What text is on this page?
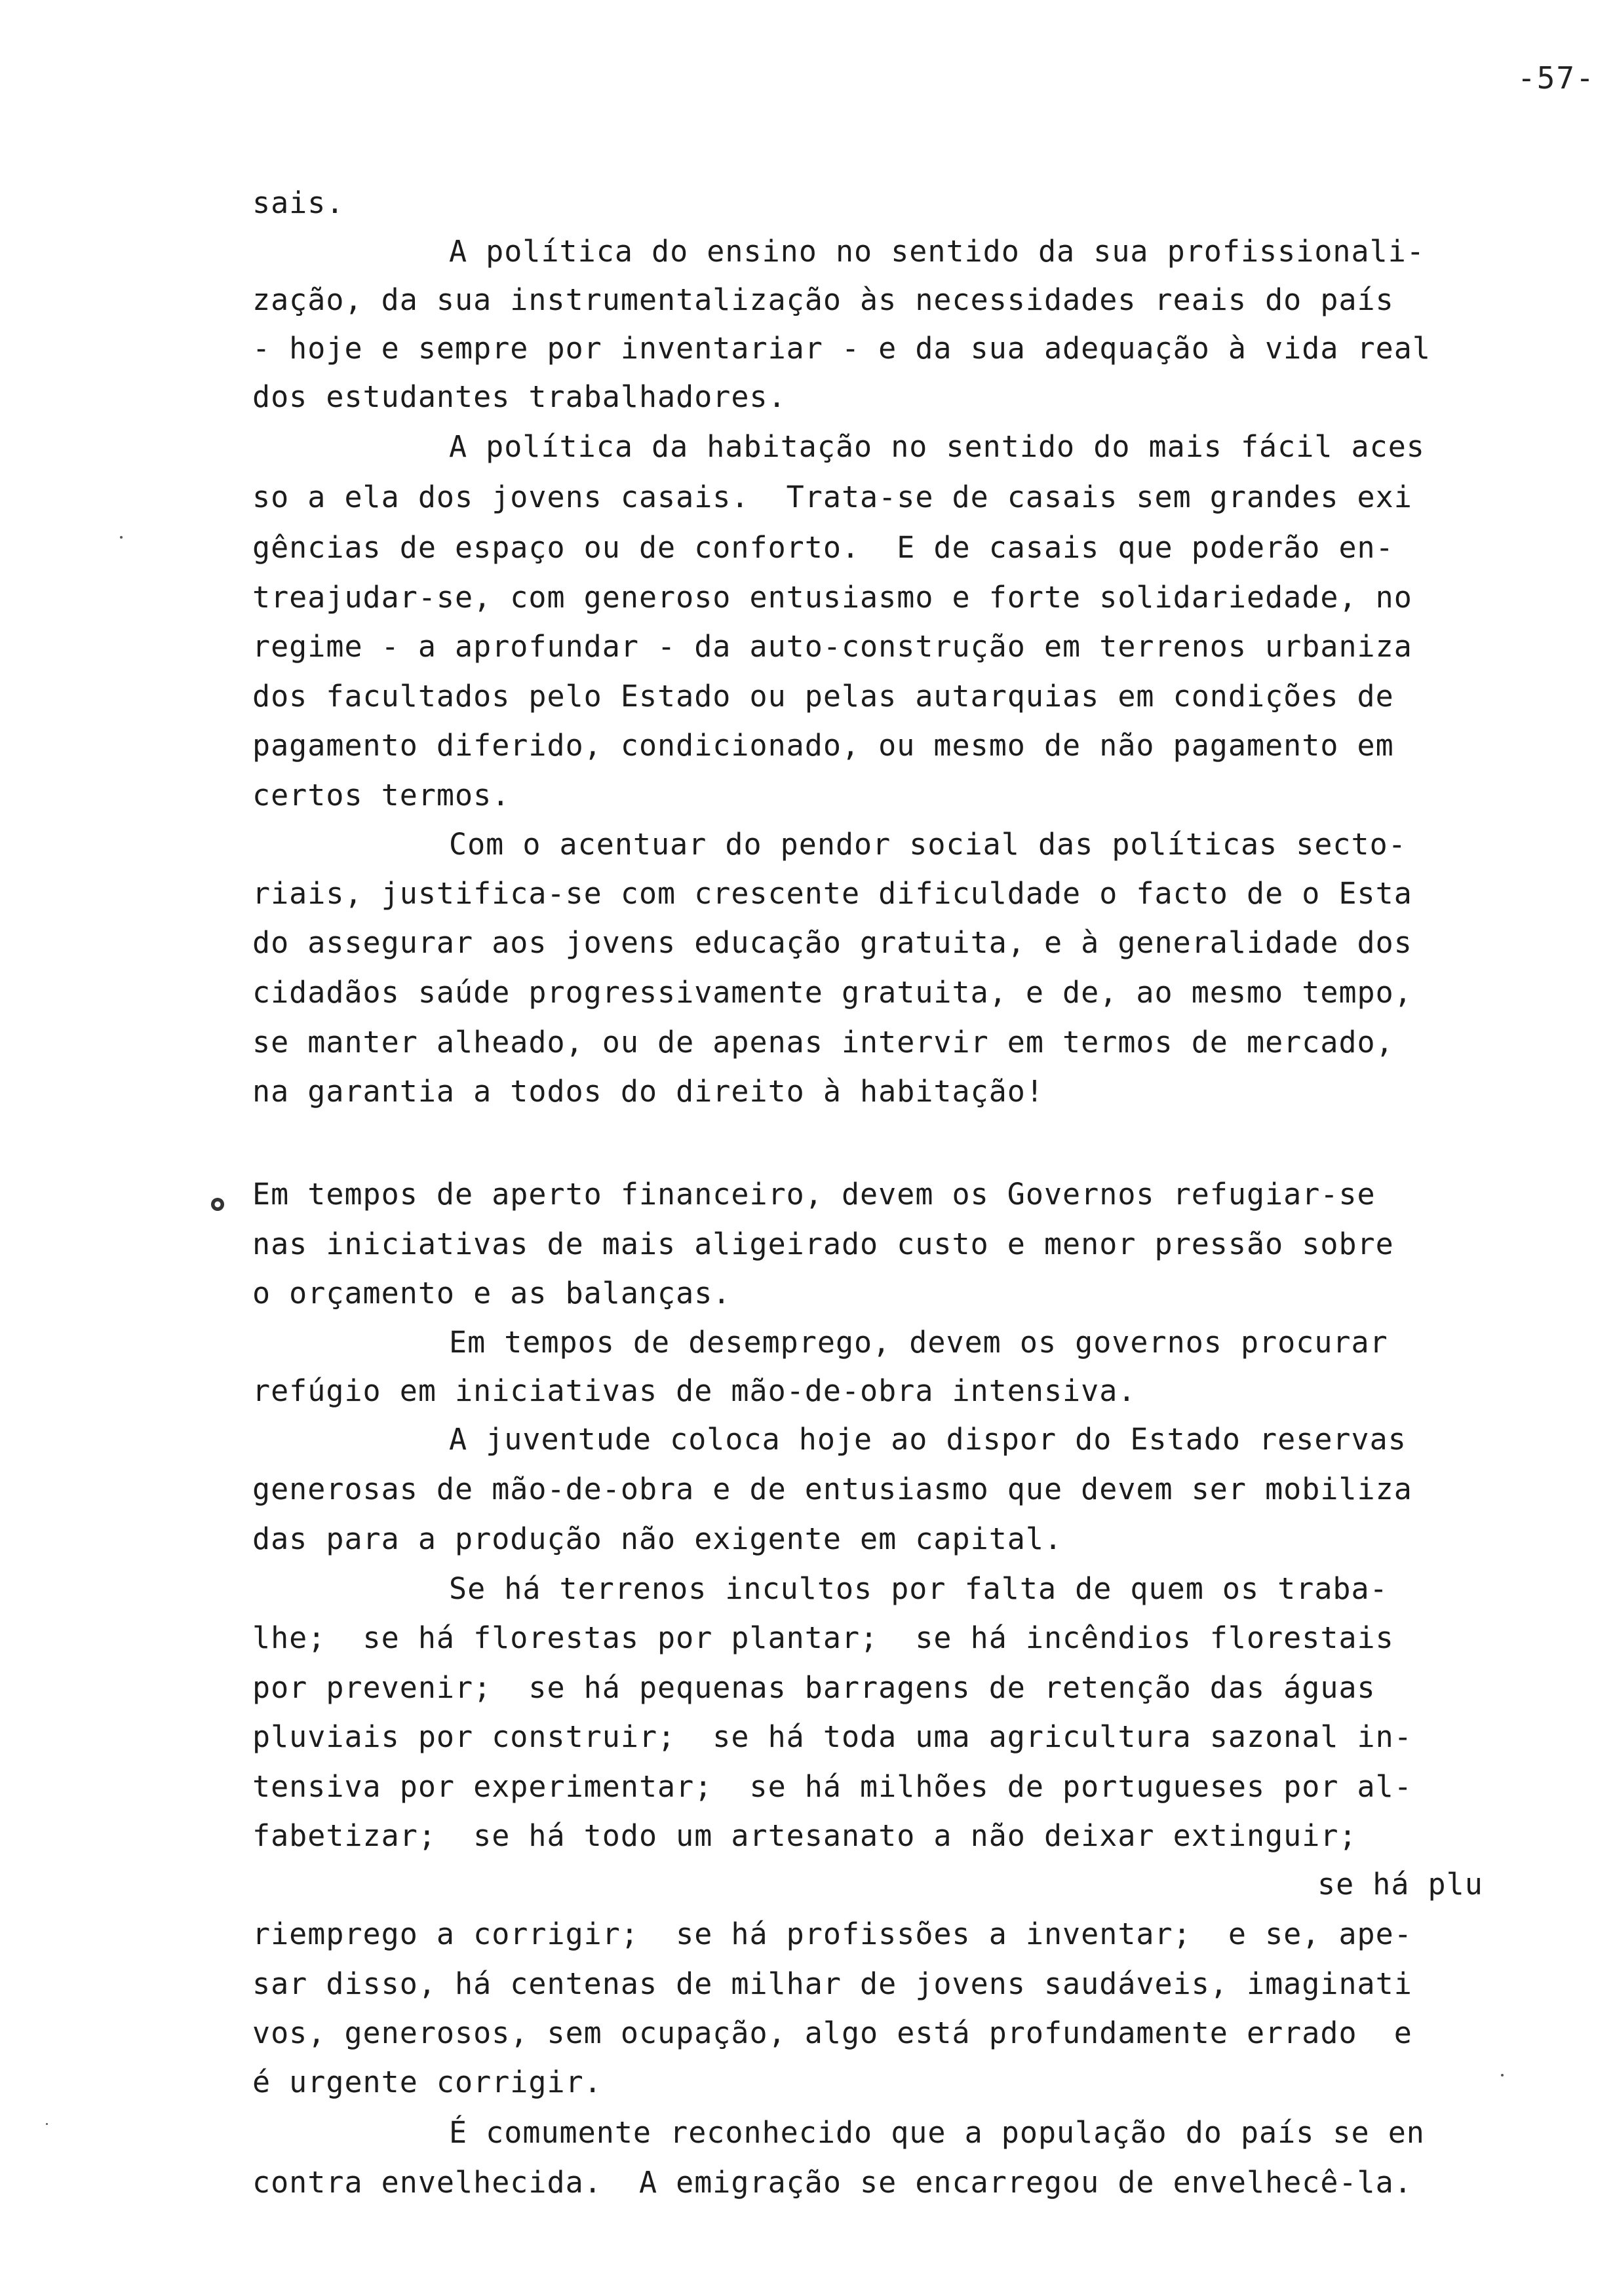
-57-

sais.

A política do ensino no sentido da sua profissionali-

zação, da sua instrumentalização às necessidades reais do país

- hoje e sempre por inventariar - e da sua adequação à vida real

dos estudantes trabalhadores.

A política da habitação no sentido do mais fácil aces

so a ela dos jovens casais.  Trata-se de casais sem grandes exi

gências de espaço ou de conforto.  E de casais que poderão en-

treajudar-se, com generoso entusiasmo e forte solidariedade, no

regime - a aprofundar - da auto-construção em terrenos urbaniza

dos facultados pelo Estado ou pelas autarquias em condições de

pagamento diferido, condicionado, ou mesmo de não pagamento em

certos termos.

Com o acentuar do pendor social das políticas secto-

riais, justifica-se com crescente dificuldade o facto de o Esta

do assegurar aos jovens educação gratuita, e à generalidade dos

cidadãos saúde progressivamente gratuita, e de, ao mesmo tempo,

se manter alheado, ou de apenas intervir em termos de mercado,

na garantia a todos do direito à habitação!

Em tempos de aperto financeiro, devem os Governos refugiar-se

nas iniciativas de mais aligeirado custo e menor pressão sobre

o orçamento e as balanças.

Em tempos de desemprego, devem os governos procurar

refúgio em iniciativas de mão-de-obra intensiva.

A juventude coloca hoje ao dispor do Estado reservas

generosas de mão-de-obra e de entusiasmo que devem ser mobiliza

das para a produção não exigente em capital.

Se há terrenos incultos por falta de quem os traba-

lhe;  se há florestas por plantar;  se há incêndios florestais

por prevenir;  se há pequenas barragens de retenção das águas

pluviais por construir;  se há toda uma agricultura sazonal in-

tensiva por experimentar;  se há milhões de portugueses por al-

fabetizar;  se há todo um artesanato a não deixar extinguir;

se há plu

riemprego a corrigir;  se há profissões a inventar;  e se, ape-

sar disso, há centenas de milhar de jovens saudáveis, imaginati

vos, generosos, sem ocupação, algo está profundamente errado  e

é urgente corrigir.

É comumente reconhecido que a população do país se en

contra envelhecida.  A emigração se encarregou de envelhecê-la.
